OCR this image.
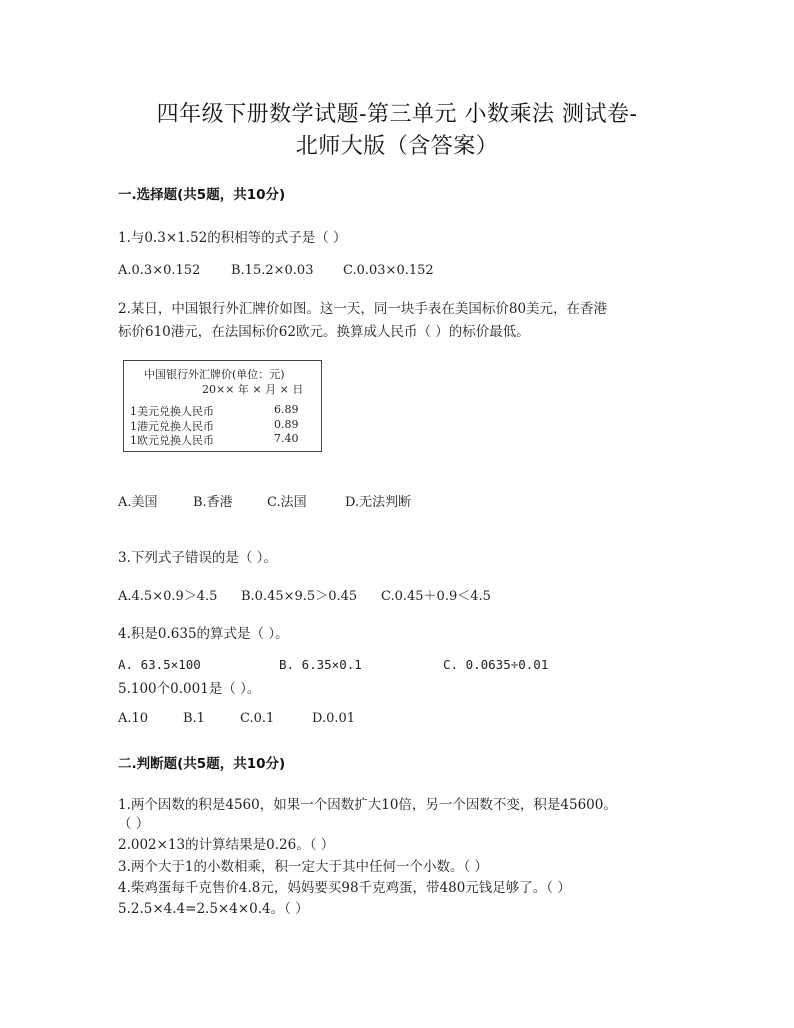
四年级下册数学试题-第三单元 小数乘法 测试卷-
北师大版（含答案）
一.选择题(共5题，共10分)
1.与0.3×1.52的积相等的式子是（ ）
A.0.3×0.152 B.15.2×0.03 C.0.03×0.152
2.某日，中国银行外汇牌价如图。这一天，同一块手表在美国标价80美元，在香港
标价610港元，在法国标价62欧元。换算成人民币（ ）的标价最低。
中国银行外汇牌价(单位：元)
20×× 年 × 月 × 日
1美元兑换人民币	6.89
1港元兑换人民币	0.89
1欧元兑换人民币	7.40
A.美国	B.香港	C.法国	D.无法判断
3.下列式子错误的是（ ）。
A.4.5×0.9＞4.5 B.0.45×9.5＞0.45 C.0.45＋0.9＜4.5
4.积是0.635的算式是（ ）。
A. 63.5×100	B. 6.35×0.1	C. 0.0635÷0.01
5.100个0.001是（ ）。
A.10	B.1	C.0.1	D.0.01
二.判断题(共5题，共10分)
1.两个因数的积是4560，如果一个因数扩大10倍，另一个因数不变，积是45600。
（ ）
2.002×13的计算结果是0.26。（ ）
3.两个大于1的小数相乘，积一定大于其中任何一个小数。（ ）
4.柴鸡蛋每千克售价4.8元，妈妈要买98千克鸡蛋，带480元钱足够了。（ ）
5.2.5×4.4=2.5×4×0.4。（ ）
